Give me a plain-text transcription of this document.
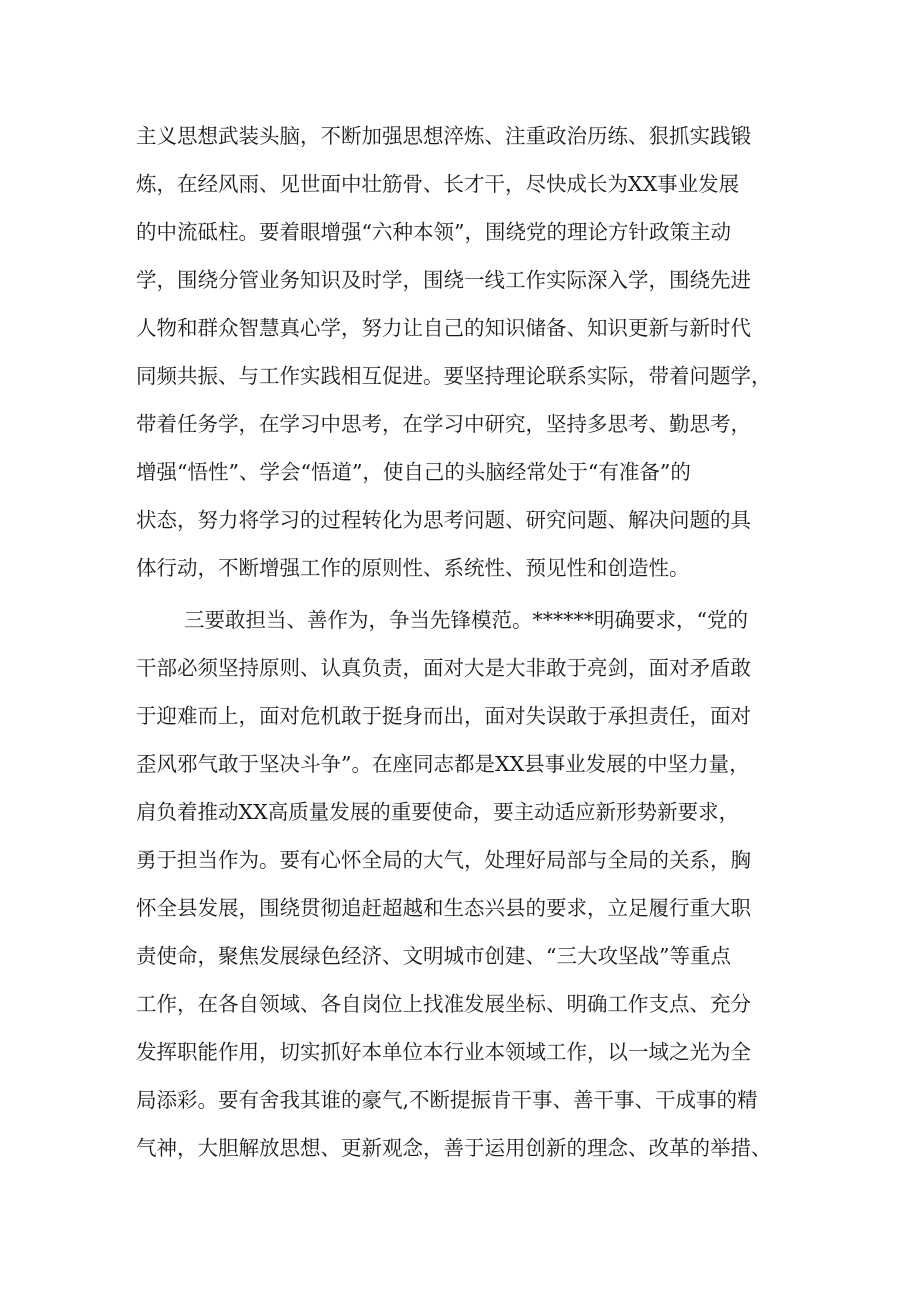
主义思想武装头脑，不断加强思想淬炼、注重政治历练、狠抓实践锻
炼，在经风雨、见世面中壮筋骨、长才干，尽快成长为XX事业发展
的中流砥柱。要着眼增强“六种本领”，围绕党的理论方针政策主动
学，围绕分管业务知识及时学，围绕一线工作实际深入学，围绕先进
人物和群众智慧真心学，努力让自己的知识储备、知识更新与新时代
同频共振、与工作实践相互促进。要坚持理论联系实际，带着问题学，
带着任务学，在学习中思考，在学习中研究，坚持多思考、勤思考，
增强“悟性”、学会“悟道”，使自己的头脑经常处于“有准备”的
状态，努力将学习的过程转化为思考问题、研究问题、解决问题的具
体行动，不断增强工作的原则性、系统性、预见性和创造性。
三要敢担当、善作为，争当先锋模范。******明确要求，“党的
干部必须坚持原则、认真负责，面对大是大非敢于亮剑，面对矛盾敢
于迎难而上，面对危机敢于挺身而出，面对失误敢于承担责任，面对
歪风邪气敢于坚决斗争”。在座同志都是XX县事业发展的中坚力量，
肩负着推动XX高质量发展的重要使命，要主动适应新形势新要求，
勇于担当作为。要有心怀全局的大气，处理好局部与全局的关系，胸
怀全县发展，围绕贯彻追赶超越和生态兴县的要求，立足履行重大职
责使命，聚焦发展绿色经济、文明城市创建、“三大攻坚战”等重点
工作，在各自领域、各自岗位上找准发展坐标、明确工作支点、充分
发挥职能作用，切实抓好本单位本行业本领域工作，以一域之光为全
局添彩。要有舍我其谁的豪气,不断提振肯干事、善干事、干成事的精
气神，大胆解放思想、更新观念，善于运用创新的理念、改革的举措、
